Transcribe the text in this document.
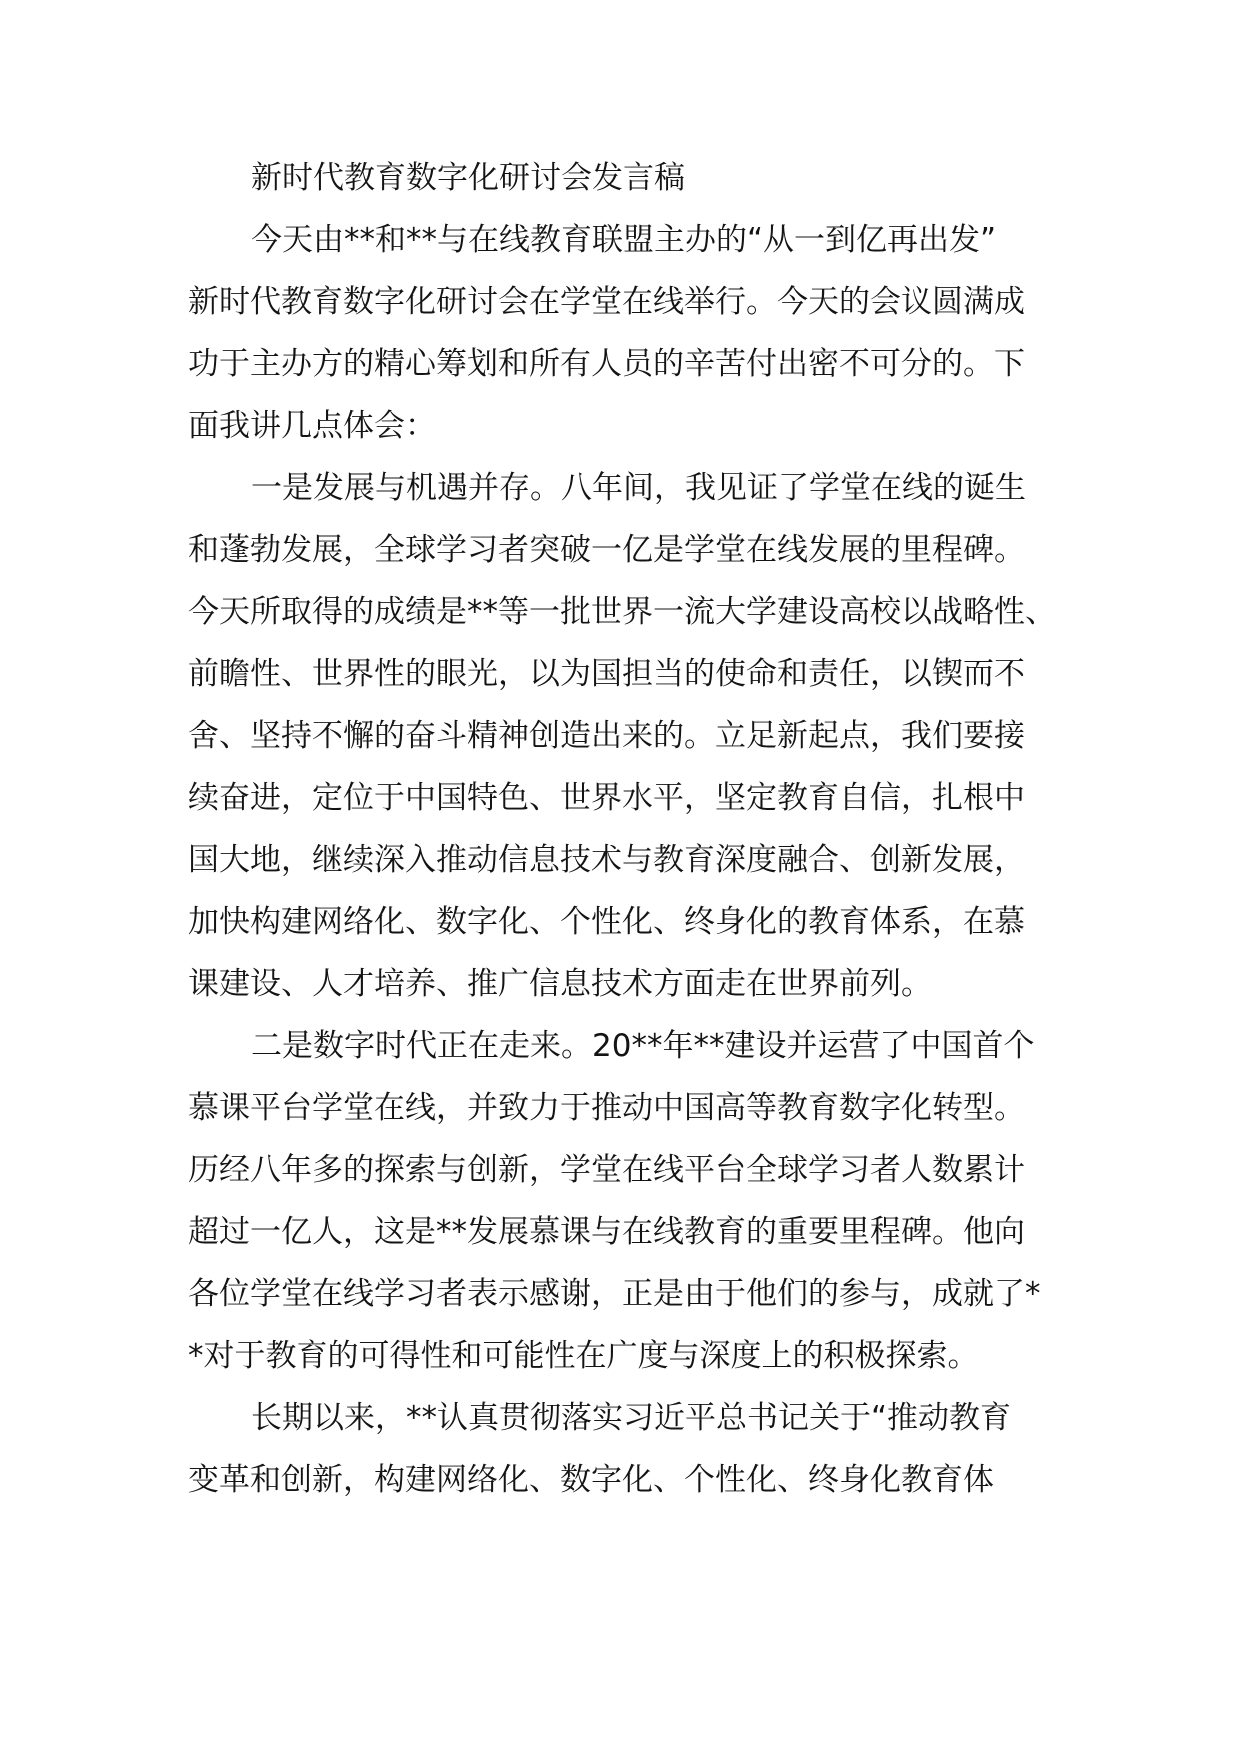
新时代教育数字化研讨会发言稿
今天由**和**与在线教育联盟主办的“从一到亿再出发”
新时代教育数字化研讨会在学堂在线举行。今天的会议圆满成
功于主办方的精心筹划和所有人员的辛苦付出密不可分的。下
面我讲几点体会：
一是发展与机遇并存。八年间，我见证了学堂在线的诞生
和蓬勃发展，全球学习者突破一亿是学堂在线发展的里程碑。
今天所取得的成绩是**等一批世界一流大学建设高校以战略性、
前瞻性、世界性的眼光，以为国担当的使命和责任，以锲而不
舍、坚持不懈的奋斗精神创造出来的。立足新起点，我们要接
续奋进，定位于中国特色、世界水平，坚定教育自信，扎根中
国大地，继续深入推动信息技术与教育深度融合、创新发展，
加快构建网络化、数字化、个性化、终身化的教育体系，在慕
课建设、人才培养、推广信息技术方面走在世界前列。
二是数字时代正在走来。20**年**建设并运营了中国首个
慕课平台学堂在线，并致力于推动中国高等教育数字化转型。
历经八年多的探索与创新，学堂在线平台全球学习者人数累计
超过一亿人，这是**发展慕课与在线教育的重要里程碑。他向
各位学堂在线学习者表示感谢，正是由于他们的参与，成就了*
*对于教育的可得性和可能性在广度与深度上的积极探索。
长期以来，**认真贯彻落实习近平总书记关于“推动教育
变革和创新，构建网络化、数字化、个性化、终身化教育体
